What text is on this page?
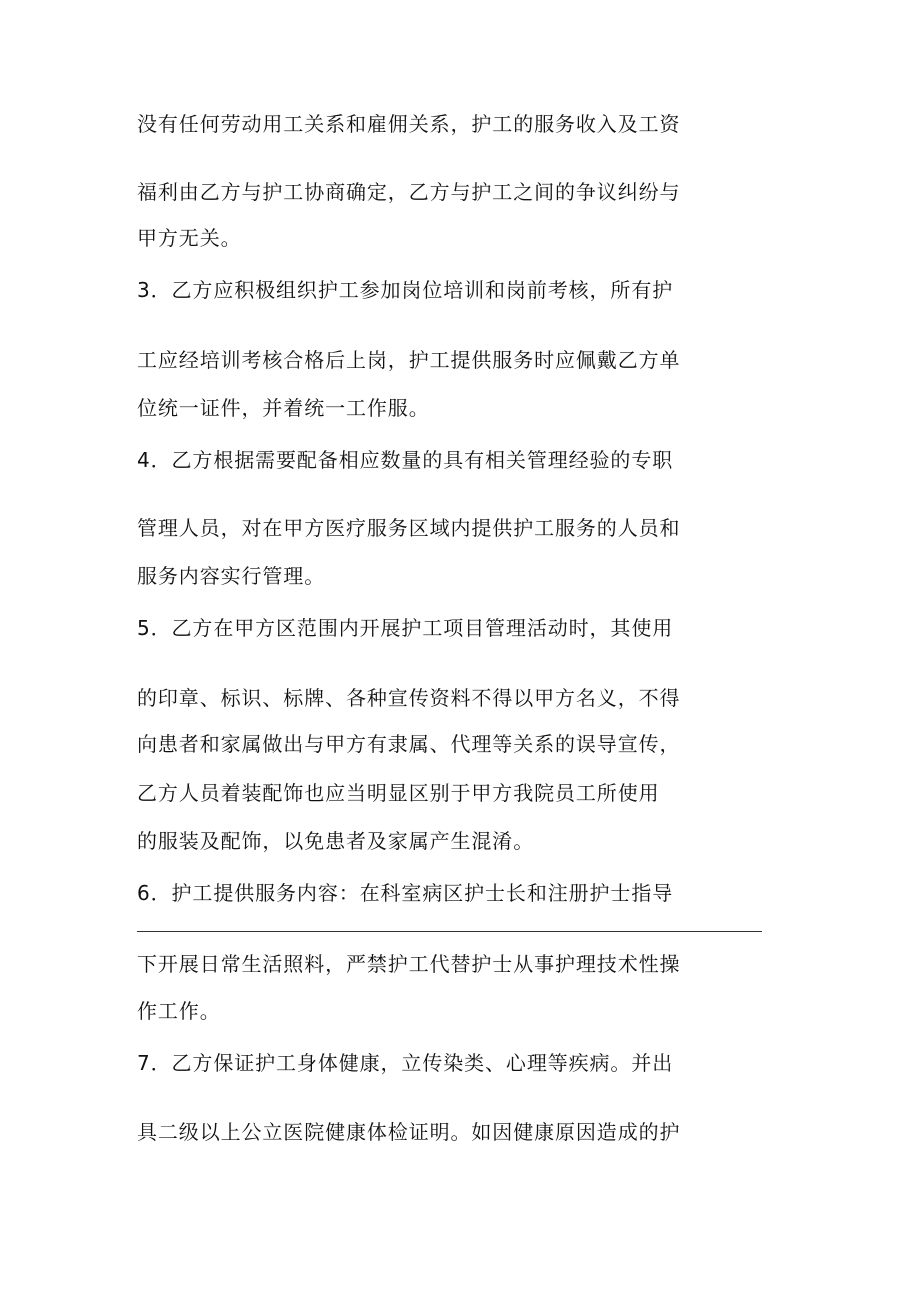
没有任何劳动用工关系和雇佣关系，护工的服务收入及工资
福利由乙方与护工协商确定，乙方与护工之间的争议纠纷与
甲方无关。
3．乙方应积极组织护工参加岗位培训和岗前考核，所有护
工应经培训考核合格后上岗，护工提供服务时应佩戴乙方单
位统一证件，并着统一工作服。
4．乙方根据需要配备相应数量的具有相关管理经验的专职
管理人员，对在甲方医疗服务区域内提供护工服务的人员和
服务内容实行管理。
5．乙方在甲方区范围内开展护工项目管理活动时，其使用
的印章、标识、标牌、各种宣传资料不得以甲方名义，不得
向患者和家属做出与甲方有隶属、代理等关系的误导宣传，
乙方人员着装配饰也应当明显区别于甲方我院员工所使用
的服装及配饰，以免患者及家属产生混淆。
6．护工提供服务内容：在科室病区护士长和注册护士指导
下开展日常生活照料，严禁护工代替护士从事护理技术性操
作工作。
7．乙方保证护工身体健康，立传染类、心理等疾病。并出
具二级以上公立医院健康体检证明。如因健康原因造成的护
